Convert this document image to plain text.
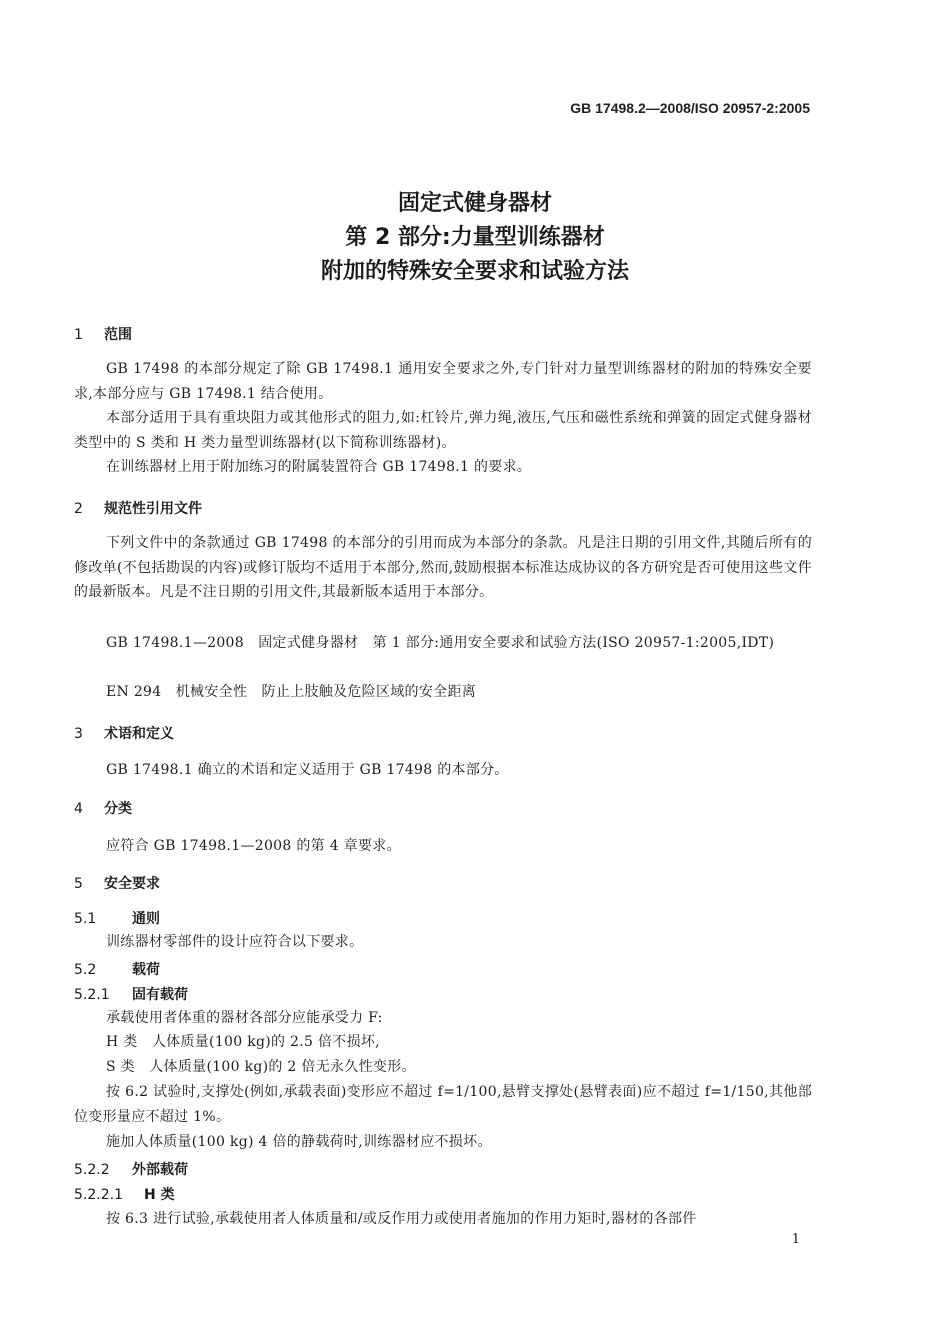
GB 17498.2—2008/ISO 20957-2:2005
固定式健身器材
第 2 部分:力量型训练器材
附加的特殊安全要求和试验方法
1 范围
GB 17498 的本部分规定了除 GB 17498.1 通用安全要求之外,专门针对力量型训练器材的附加的特殊安全要求,本部分应与 GB 17498.1 结合使用。
本部分适用于具有重块阻力或其他形式的阻力,如:杠铃片,弹力绳,液压,气压和磁性系统和弹簧的固定式健身器材类型中的 S 类和 H 类力量型训练器材(以下简称训练器材)。
在训练器材上用于附加练习的附属装置符合 GB 17498.1 的要求。
2 规范性引用文件
下列文件中的条款通过 GB 17498 的本部分的引用而成为本部分的条款。凡是注日期的引用文件,其随后所有的修改单(不包括勘误的内容)或修订版均不适用于本部分,然而,鼓励根据本标准达成协议的各方研究是否可使用这些文件的最新版本。凡是不注日期的引用文件,其最新版本适用于本部分。
GB 17498.1—2008　固定式健身器材　第 1 部分:通用安全要求和试验方法(ISO 20957-1:2005,IDT)
EN 294　机械安全性　防止上肢触及危险区域的安全距离
3 术语和定义
GB 17498.1 确立的术语和定义适用于 GB 17498 的本部分。
4 分类
应符合 GB 17498.1—2008 的第 4 章要求。
5 安全要求
5.1	通则
训练器材零部件的设计应符合以下要求。
5.2	载荷
5.2.1 固有载荷
承载使用者体重的器材各部分应能承受力 F:
H 类　人体质量(100 kg)的 2.5 倍不损坏,
S 类　人体质量(100 kg)的 2 倍无永久性变形。
按 6.2 试验时,支撑处(例如,承载表面)变形应不超过 f=1/100,悬臂支撑处(悬臂表面)应不超过 f=1/150,其他部位变形量应不超过 1%。
施加人体质量(100 kg) 4 倍的静载荷时,训练器材应不损坏。
5.2.2 外部载荷
5.2.2.1 H 类
按 6.3 进行试验,承载使用者人体质量和/或反作用力或使用者施加的作用力矩时,器材的各部件
1
